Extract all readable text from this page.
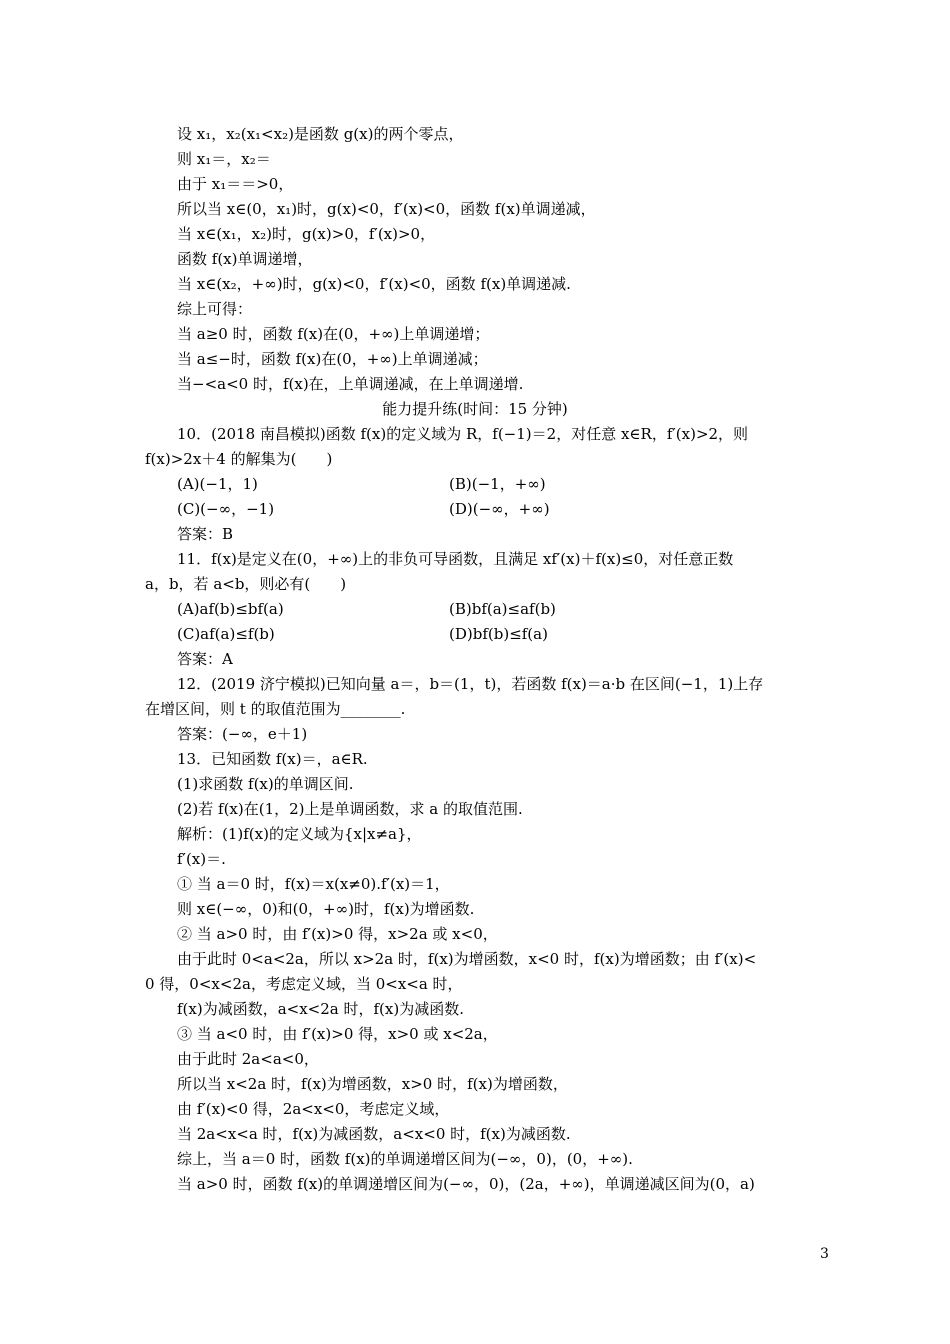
设 x₁，x₂(x₁<x₂)是函数 g(x)的两个零点，
则 x₁＝，x₂＝
由于 x₁＝＝>0，
所以当 x∈(0，x₁)时，g(x)<0，f′(x)<0，函数 f(x)单调递减，
当 x∈(x₁，x₂)时，g(x)>0，f′(x)>0，
函数 f(x)单调递增，
当 x∈(x₂，+∞)时，g(x)<0，f′(x)<0，函数 f(x)单调递减.
综上可得：
当 a≥0 时，函数 f(x)在(0，+∞)上单调递增；
当 a≤−时，函数 f(x)在(0，+∞)上单调递减；
当−<a<0 时，f(x)在，上单调递减，在上单调递增.
能力提升练(时间：15 分钟)
10．(2018 南昌模拟)函数 f(x)的定义域为 R，f(−1)＝2，对任意 x∈R，f′(x)>2，则
f(x)>2x＋4 的解集为(　　)
(A)(−1，1)	(B)(−1，+∞)
(C)(−∞，−1)	(D)(−∞，+∞)
答案：B
11．f(x)是定义在(0，+∞)上的非负可导函数，且满足 xf′(x)＋f(x)≤0，对任意正数
a，b，若 a<b，则必有(　　)
(A)af(b)≤bf(a)	(B)bf(a)≤af(b)
(C)af(a)≤f(b)	(D)bf(b)≤f(a)
答案：A
12．(2019 济宁模拟)已知向量 a＝，b＝(1，t)，若函数 f(x)＝a·b 在区间(−1，1)上存
在增区间，则 t 的取值范围为________.
答案：(−∞，e＋1)
13．已知函数 f(x)＝，a∈R.
(1)求函数 f(x)的单调区间.
(2)若 f(x)在(1，2)上是单调函数，求 a 的取值范围.
解析：(1)f(x)的定义域为{x|x≠a}，
f′(x)＝.
① 当 a＝0 时，f(x)＝x(x≠0).f′(x)＝1，
则 x∈(−∞，0)和(0，+∞)时，f(x)为增函数.
② 当 a>0 时，由 f′(x)>0 得，x>2a 或 x<0，
由于此时 0<a<2a，所以 x>2a 时，f(x)为增函数，x<0 时，f(x)为增函数；由 f′(x)<
0 得，0<x<2a，考虑定义域，当 0<x<a 时，
f(x)为减函数，a<x<2a 时，f(x)为减函数.
③ 当 a<0 时，由 f′(x)>0 得，x>0 或 x<2a，
由于此时 2a<a<0，
所以当 x<2a 时，f(x)为增函数，x>0 时，f(x)为增函数，
由 f′(x)<0 得，2a<x<0，考虑定义域，
当 2a<x<a 时，f(x)为减函数，a<x<0 时，f(x)为减函数.
综上，当 a＝0 时，函数 f(x)的单调递增区间为(−∞，0)，(0，+∞).
当 a>0 时，函数 f(x)的单调递增区间为(−∞，0)，(2a，+∞)，单调递减区间为(0，a)
3
